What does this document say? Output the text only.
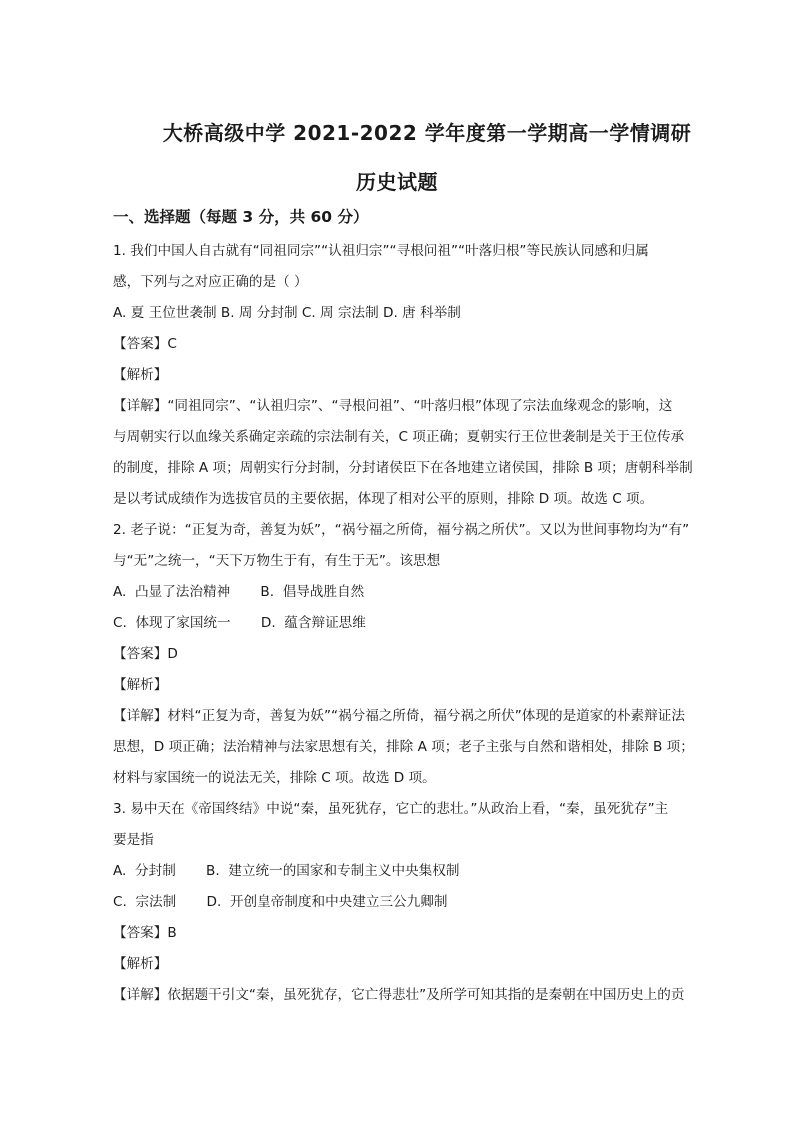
大桥高级中学 2021-2022 学年度第一学期高一学情调研
历史试题
一、选择题（每题 3 分，共 60 分）

1. 我们中国人自古就有“同祖同宗”“认祖归宗”“寻根问祖”“叶落归根”等民族认同感和归属

感，下列与之对应正确的是（ ）

A. 夏 王位世袭制 B. 周 分封制 C. 周 宗法制 D. 唐 科举制

【答案】C

【解析】

【详解】“同祖同宗”、“认祖归宗”、“寻根问祖”、“叶落归根”体现了宗法血缘观念的影响，这

与周朝实行以血缘关系确定亲疏的宗法制有关，C 项正确；夏朝实行王位世袭制是关于王位传承

的制度，排除 A 项；周朝实行分封制，分封诸侯臣下在各地建立诸侯国，排除 B 项；唐朝科举制

是以考试成绩作为选拔官员的主要依据，体现了相对公平的原则，排除 D 项。故选 C 项。

2. 老子说：“正复为奇，善复为妖”，“祸兮福之所倚，福兮祸之所伏”。又以为世间事物均为“有”

与“无”之统一，“天下万物生于有，有生于无”。该思想

A.  凸显了法治精神       B.  倡导战胜自然

C.  体现了家国统一       D.  蕴含辩证思维

【答案】D

【解析】

【详解】材料“正复为奇，善复为妖”“祸兮福之所倚，福兮祸之所伏”体现的是道家的朴素辩证法

思想，D 项正确；法治精神与法家思想有关，排除 A 项；老子主张与自然和谐相处，排除 B 项；

材料与家国统一的说法无关，排除 C 项。故选 D 项。

3. 易中天在《帝国终结》中说“秦，虽死犹存，它亡的悲壮。”从政治上看，“秦，虽死犹存”主

要是指

A.  分封制       B.  建立统一的国家和专制主义中央集权制

C.  宗法制       D.  开创皇帝制度和中央建立三公九卿制

【答案】B

【解析】

【详解】依据题干引文“秦，虽死犹存，它亡得悲壮”及所学可知其指的是秦朝在中国历史上的贡
